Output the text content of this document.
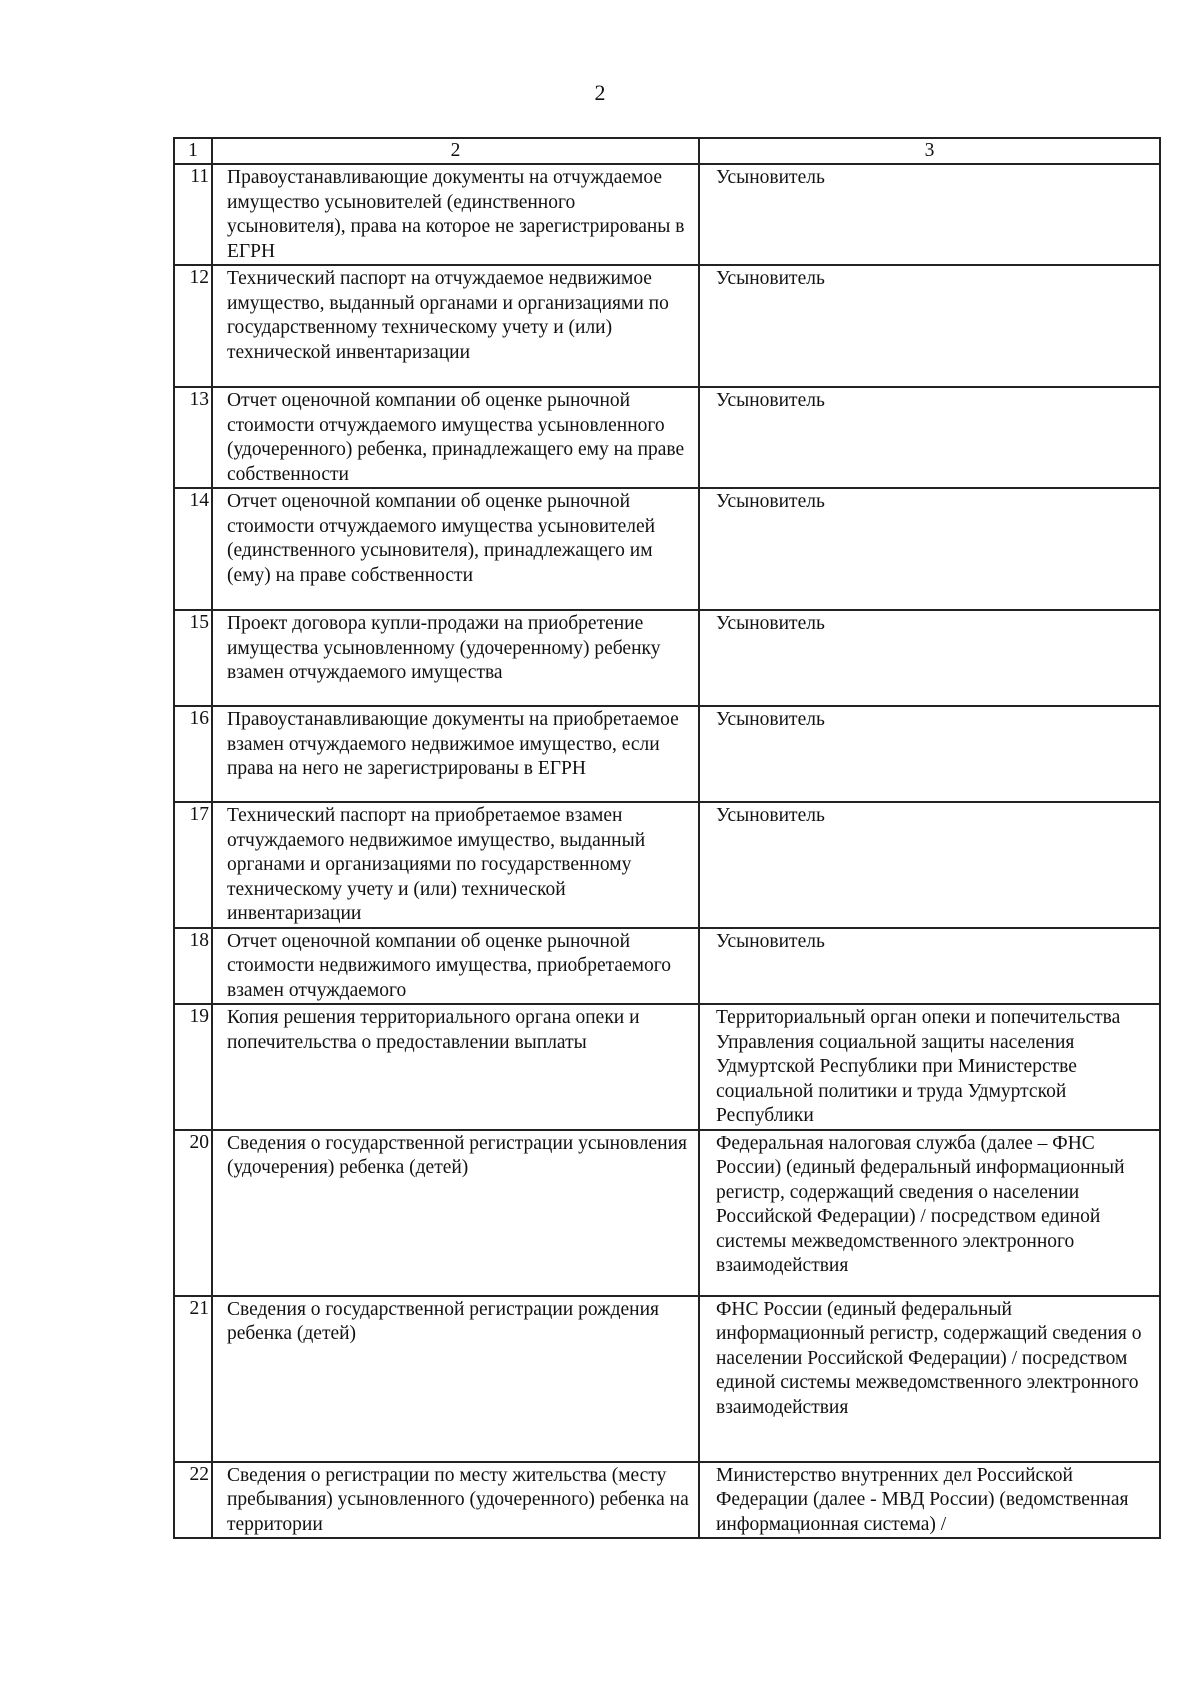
2
1	2	3
11	Правоустанавливающие документы на отчуждаемое имущество усыновителей (единственного усыновителя), права на которое не зарегистрированы в ЕГРН	Усыновитель
12	Технический паспорт на отчуждаемое недвижимое имущество, выданный органами и организациями по государственному техническому учету и (или) технической инвентаризации	Усыновитель
13	Отчет оценочной компании об оценке рыночной стоимости отчуждаемого имущества усыновленного (удочеренного) ребенка, принадлежащего ему на праве собственности	Усыновитель
14	Отчет оценочной компании об оценке рыночной стоимости отчуждаемого имущества усыновителей (единственного усыновителя), принадлежащего им (ему) на праве собственности	Усыновитель
15	Проект договора купли-продажи на приобретение имущества усыновленному (удочеренному) ребенку взамен отчуждаемого имущества	Усыновитель
16	Правоустанавливающие документы на приобретаемое взамен отчуждаемого недвижимое имущество, если права на него не зарегистрированы в ЕГРН	Усыновитель
17	Технический паспорт на приобретаемое взамен отчуждаемого недвижимое имущество, выданный органами и организациями по государственному техническому учету и (или) технической инвентаризации	Усыновитель
18	Отчет оценочной компании об оценке рыночной стоимости недвижимого имущества, приобретаемого взамен отчуждаемого	Усыновитель
19	Копия решения территориального органа опеки и попечительства о предоставлении выплаты	Территориальный орган опеки и попечительства Управления социальной защиты населения Удмуртской Республики при Министерстве социальной политики и труда Удмуртской Республики
20	Сведения о государственной регистрации усыновления (удочерения) ребенка (детей)	Федеральная налоговая служба (далее – ФНС России) (единый федеральный информационный регистр, содержащий сведения о населении Российской Федерации) / посредством единой системы межведомственного электронного взаимодействия
21	Сведения о государственной регистрации рождения ребенка (детей)	ФНС России (единый федеральный информационный регистр, содержащий сведения о населении Российской Федерации) / посредством единой системы межведомственного электронного взаимодействия
22	Сведения о регистрации по месту жительства (месту пребывания) усыновленного (удочеренного) ребенка на территории	Министерство внутренних дел Российской Федерации (далее - МВД России) (ведомственная информационная система) /
